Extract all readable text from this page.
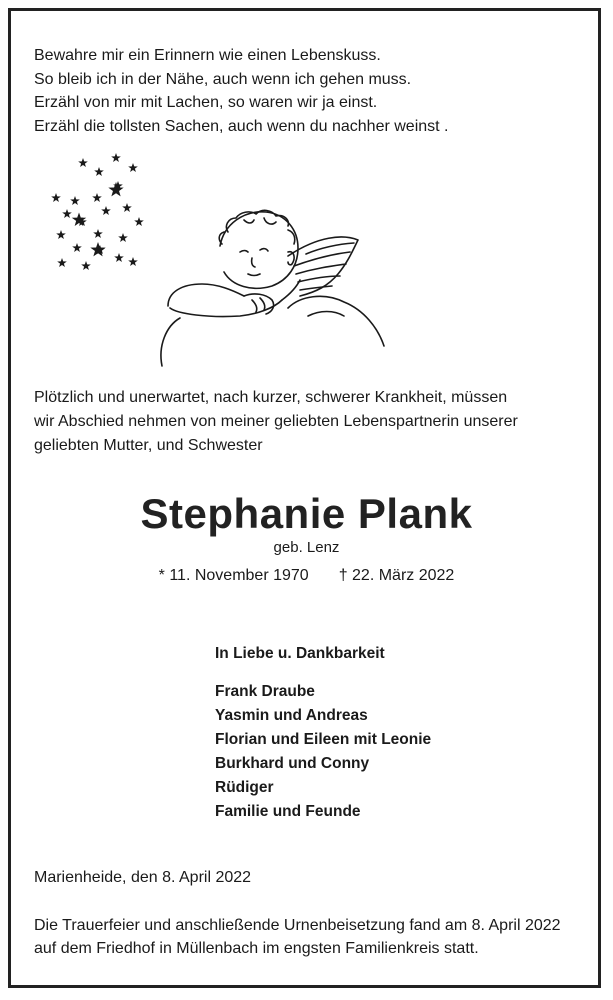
Bewahre mir ein Erinnern wie einen Lebenskuss.
So bleib ich in der Nähe, auch wenn ich gehen muss.
Erzähl von mir mit Lachen, so waren wir ja einst.
Erzähl die tollsten Sachen, auch wenn du nachher weinst .
Plötzlich und unerwartet, nach kurzer, schwerer Krankheit, müssen
wir Abschied nehmen von meiner geliebten Lebenspartnerin unserer
geliebten Mutter, und Schwester
Stephanie Plank
geb. Lenz
* 11. November 1970 † 22. März 2022
In Liebe u. Dankbarkeit
Frank Draube
Yasmin und Andreas
Florian und Eileen mit Leonie
Burkhard und Conny
Rüdiger
Familie und Feunde
Marienheide, den 8. April 2022
Die Trauerfeier und anschließende Urnenbeisetzung fand am 8. April 2022
auf dem Friedhof in Müllenbach im engsten Familienkreis statt.
